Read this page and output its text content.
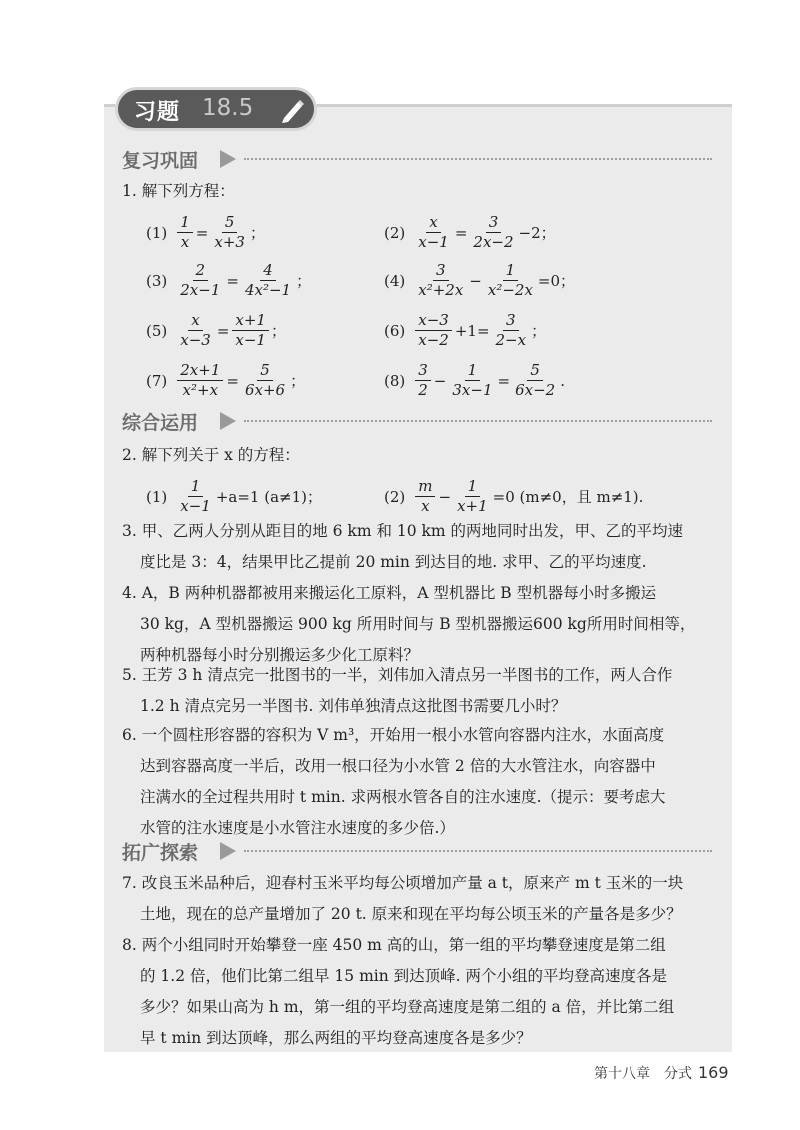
习题 18.5
复习巩固
1. 解下列方程：
$(1) \frac{1}{x} = \frac{5}{x+3}$ ；	$(2) \frac{x}{x-1} = \frac{3}{2x-2} -2$；
$(3) \frac{2}{2x-1} = \frac{4}{\text{4x²−1}}$ ；	$(4) \frac{3}{\text{x²+2x}} - \frac{1}{\text{x²−2x}} =0$；
$(5) \frac{x}{x-3} = \frac{x+1}{x-1}$ ；	$(6) \frac{x-3}{x-2} +1= \frac{3}{2-x}$ ；
$(7) \frac{2x+1}{\text{x²+x}} = \frac{5}{6x+6}$ ；	$(8) \frac{3}{2} - \frac{1}{3x-1} = \frac{5}{6x-2}$ .
综合运用
2. 解下列关于 x 的方程：
$(1) \frac{1}{x-1} +a=1$ (a≠1)；	$(2) \frac{m}{x} - \frac{1}{x+1} =0$ (m≠0，且 m≠1).
3. 甲、乙两人分别从距目的地 6 km 和 10 km 的两地同时出发，甲、乙的平均速
度比是 3：4，结果甲比乙提前 20 min 到达目的地. 求甲、乙的平均速度.
4. A，B 两种机器都被用来搬运化工原料，A 型机器比 B 型机器每小时多搬运
30 kg，A 型机器搬运 900 kg 所用时间与 B 型机器搬运600 kg所用时间相等，
两种机器每小时分别搬运多少化工原料？
5. 王芳 3 h 清点完一批图书的一半，刘伟加入清点另一半图书的工作，两人合作
1.2 h 清点完另一半图书. 刘伟单独清点这批图书需要几小时？
6. 一个圆柱形容器的容积为 V m³，开始用一根小水管向容器内注水，水面高度
达到容器高度一半后，改用一根口径为小水管 2 倍的大水管注水，向容器中
注满水的全过程共用时 t min. 求两根水管各自的注水速度.（提示：要考虑大
水管的注水速度是小水管注水速度的多少倍.）
拓广探索
7. 改良玉米品种后，迎春村玉米平均每公顷增加产量 a t，原来产 m t 玉米的一块
土地，现在的总产量增加了 20 t. 原来和现在平均每公顷玉米的产量各是多少？
8. 两个小组同时开始攀登一座 450 m 高的山，第一组的平均攀登速度是第二组
的 1.2 倍，他们比第二组早 15 min 到达顶峰. 两个小组的平均登高速度各是
多少？如果山高为 h m，第一组的平均登高速度是第二组的 a 倍，并比第二组
早 t min 到达顶峰，那么两组的平均登高速度各是多少？
第十八章　分式 169
